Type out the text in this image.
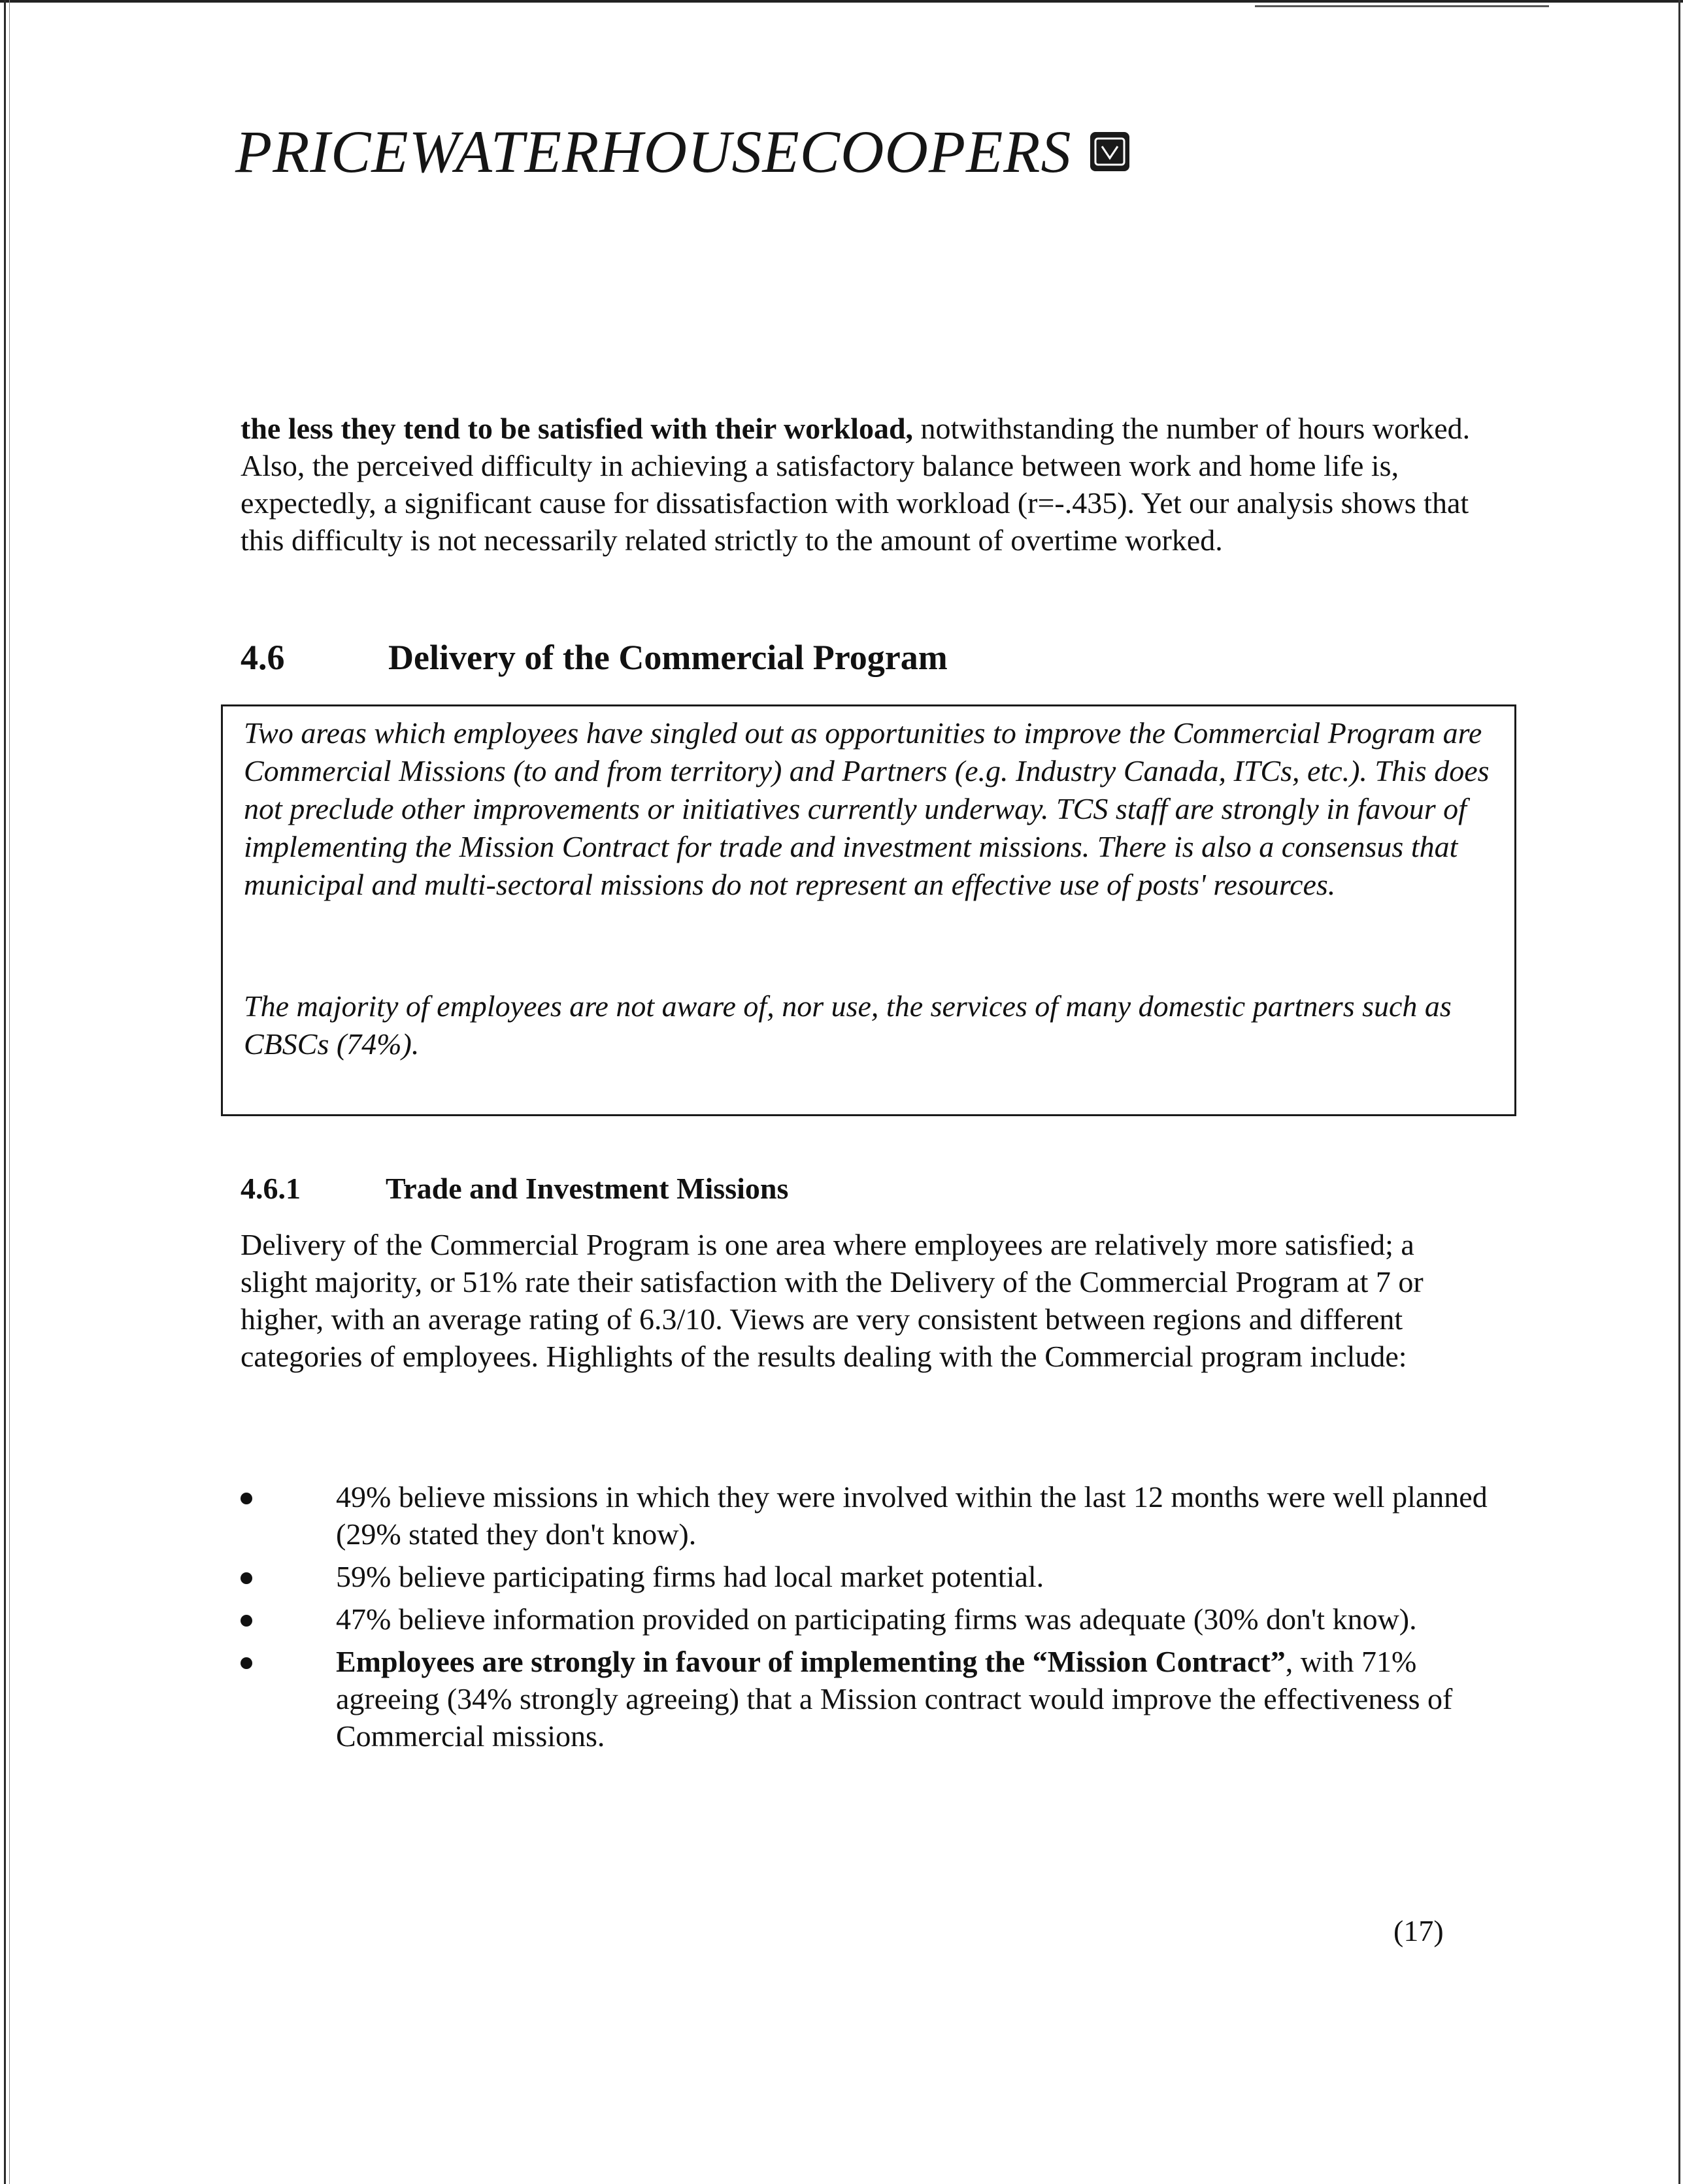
PRICEWATERHOUSECOOPERS
the less they tend to be satisfied with their workload, notwithstanding the number of hours worked. Also, the perceived difficulty in achieving a satisfactory balance between work and home life is, expectedly, a significant cause for dissatisfaction with workload (r=-.435). Yet our analysis shows that this difficulty is not necessarily related strictly to the amount of overtime worked.
4.6	Delivery of the Commercial Program

Two areas which employees have singled out as opportunities to improve the Commercial Program are Commercial Missions (to and from territory) and Partners (e.g. Industry Canada, ITCs, etc.). This does not preclude other improvements or initiatives currently underway. TCS staff are strongly in favour of implementing the Mission Contract for trade and investment missions. There is also a consensus that municipal and multi-sectoral missions do not represent an effective use of posts' resources.

The majority of employees are not aware of, nor use, the services of many domestic partners such as CBSCs (74%).

4.6.1	Trade and Investment Missions
Delivery of the Commercial Program is one area where employees are relatively more satisfied; a slight majority, or 51% rate their satisfaction with the Delivery of the Commercial Program at 7 or higher, with an average rating of 6.3/10. Views are very consistent between regions and different categories of employees. Highlights of the results dealing with the Commercial program include:
49% believe missions in which they were involved within the last 12 months were well planned (29% stated they don't know).
59% believe participating firms had local market potential.
47% believe information provided on participating firms was adequate (30% don't know).
Employees are strongly in favour of implementing the “Mission Contract”, with 71% agreeing (34% strongly agreeing) that a Mission contract would improve the effectiveness of Commercial missions.
(17)
